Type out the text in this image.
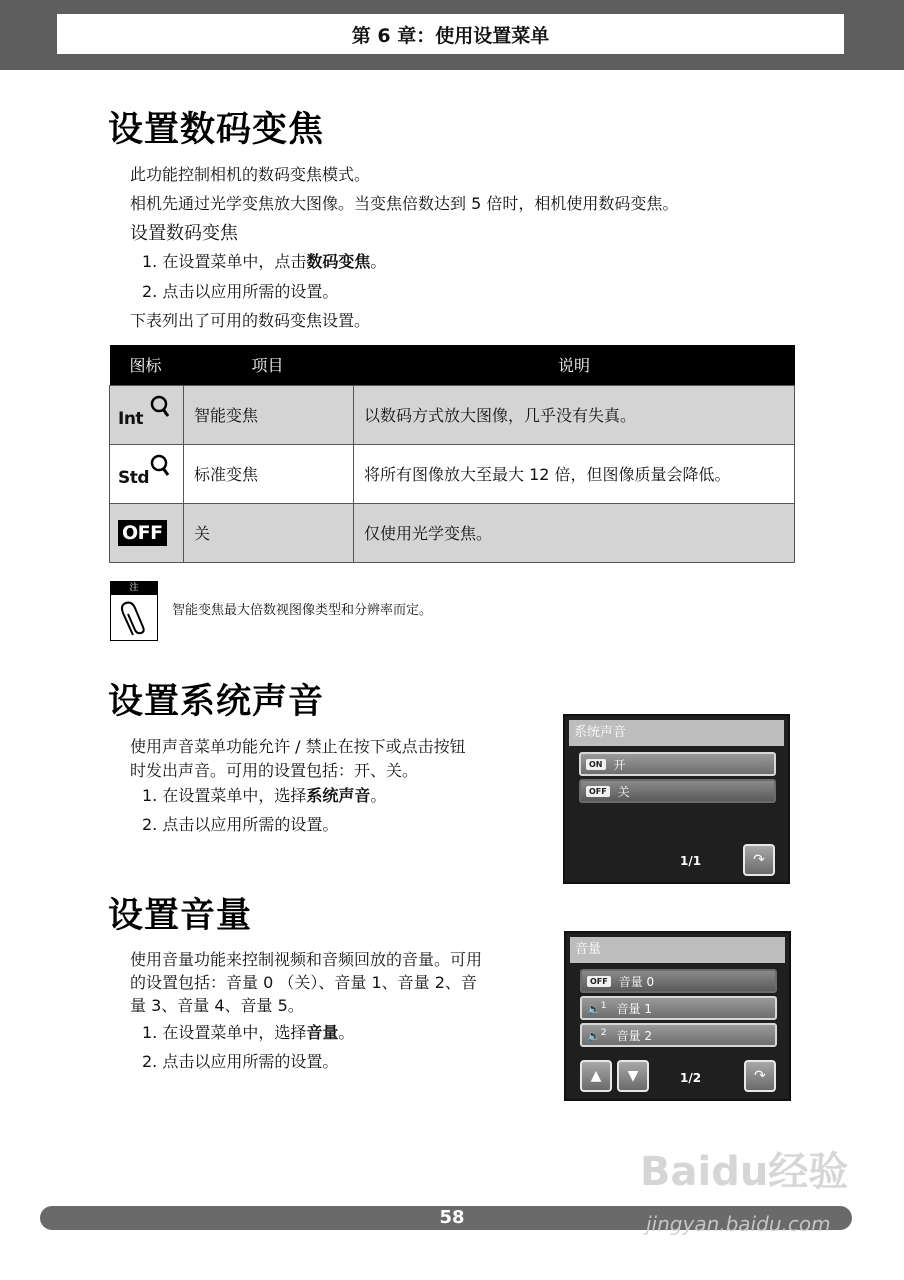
第 6 章：使用设置菜单
设置数码变焦
此功能控制相机的数码变焦模式。
相机先通过光学变焦放大图像。当变焦倍数达到 5 倍时，相机使用数码变焦。
设置数码变焦
1. 在设置菜单中，点击数码变焦。
2. 点击以应用所需的设置。
下表列出了可用的数码变焦设置。
图标	项目	说明

Int	智能变焦	以数码方式放大图像，几乎没有失真。

Std	标准变焦	将所有图像放大至最大 12 倍，但图像质量会降低。
OFF	关	仅使用光学变焦。
注
智能变焦最大倍数视图像类型和分辨率而定。
设置系统声音
使用声音菜单功能允许 / 禁止在按下或点击按钮
时发出声音。可用的设置包括：开、关。
1. 在设置菜单中，选择系统声音。
2. 点击以应用所需的设置。
系统声音
ON 开
OFF 关
1/1	↷
设置音量
使用音量功能来控制视频和音频回放的音量。可用
的设置包括：音量 0 （关）、音量 1、音量 2、音
量 3、音量 4、音量 5。
1. 在设置菜单中，选择音量。
2. 点击以应用所需的设置。
音量
OFF 音量 0
🔈$^1$ 音量 1
🔈$^2$ 音量 2
▲ ▼	1/2	↷
Baidu经验
58	jingyan.baidu.com
